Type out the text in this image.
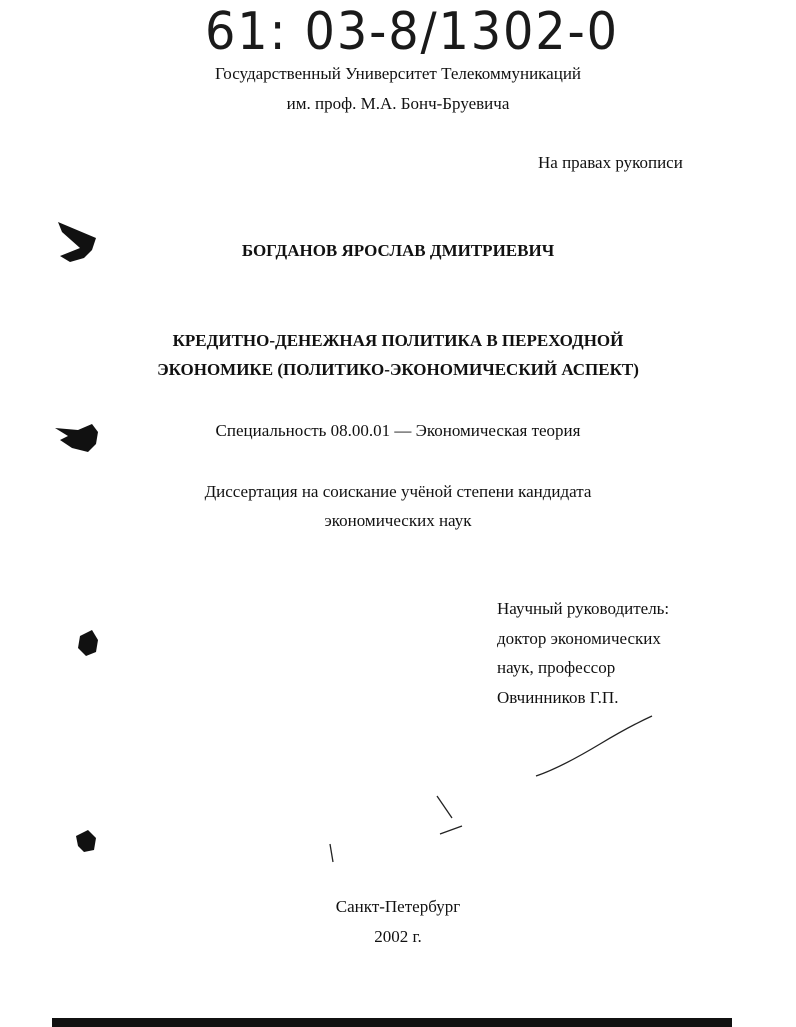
61: 03-8/1302-0
Государственный Университет Телекоммуникаций
им. проф. М.А. Бонч-Бруевича
На правах рукописи
БОГДАНОВ ЯРОСЛАВ ДМИТРИЕВИЧ
КРЕДИТНО-ДЕНЕЖНАЯ ПОЛИТИКА В ПЕРЕХОДНОЙ
ЭКОНОМИКЕ (ПОЛИТИКО-ЭКОНОМИЧЕСКИЙ АСПЕКТ)
Специальность 08.00.01 — Экономическая теория
Диссертация на соискание учёной степени кандидата
экономических наук
Научный руководитель:
доктор экономических
наук, профессор
Овчинников Г.П.
Санкт-Петербург
2002 г.
